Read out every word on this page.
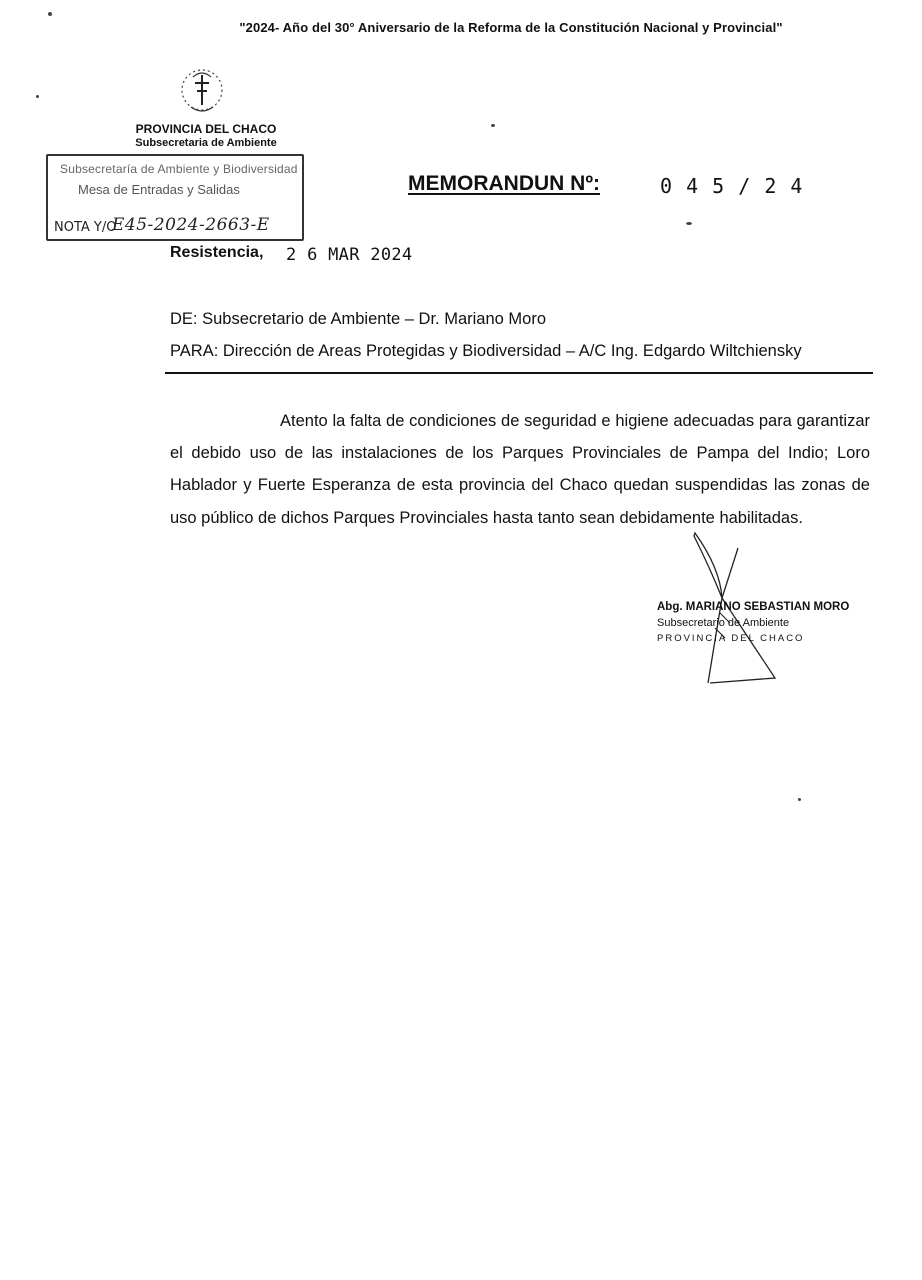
"2024- Año del 30° Aniversario de la Reforma de la Constitución Nacional y Provincial"
PROVINCIA DEL CHACO
Subsecretaria de Ambiente
Subsecretaría de Ambiente y Biodiversidad
Mesa de Entradas y Salidas
NOTA Y/O
E45-2024-2663-E
MEMORANDUN Nº:	0 4 5 / 2 4
Resistencia, 2 6 MAR 2024
DE: Subsecretario de Ambiente – Dr. Mariano Moro
PARA: Dirección de Areas Protegidas y Biodiversidad – A/C Ing. Edgardo Wiltchiensky

Atento la falta de condiciones de seguridad e higiene adecuadas para garantizar el debido uso de las instalaciones de los Parques Provinciales de Pampa del Indio; Loro Hablador y Fuerte Esperanza de esta provincia del Chaco quedan suspendidas las zonas de uso público de dichos Parques Provinciales hasta tanto sean debidamente habilitadas.

Abg. MARIANO SEBASTIAN MORO
Subsecretario de Ambiente
PROVINCIA DEL CHACO
